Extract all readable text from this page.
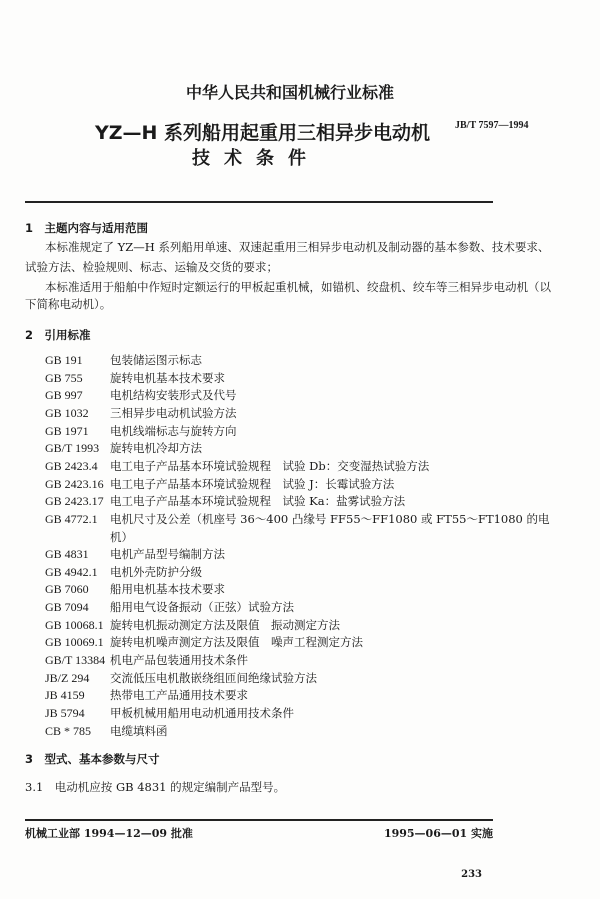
中华人民共和国机械行业标准
YZ—H 系列船用起重用三相异步电动机
技术条件
JB/T 7597—1994
1　主题内容与适用范围
本标准规定了 YZ—H 系列船用单速、双速起重用三相异步电动机及制动器的基本参数、技术要求、
试验方法、检验规则、标志、运输及交货的要求；
本标准适用于船舶中作短时定额运行的甲板起重机械，如锚机、绞盘机、绞车等三相异步电动机（以
下简称电动机）。
2　引用标准
GB 191 包装储运图示标志
GB 755 旋转电机基本技术要求
GB 997 电机结构安装形式及代号
GB 1032 三相异步电动机试验方法
GB 1971 电机线端标志与旋转方向
GB/T 1993 旋转电机冷却方法
GB 2423.4 电工电子产品基本环境试验规程　试验 Db：交变湿热试验方法
GB 2423.16 电工电子产品基本环境试验规程　试验 J：长霉试验方法
GB 2423.17 电工电子产品基本环境试验规程　试验 Ka：盐雾试验方法
GB 4772.1 电机尺寸及公差（机座号 36～400 凸缘号 FF55～FF1080 或 FT55～FT1080 的电
机）
GB 4831 电机产品型号编制方法
GB 4942.1 电机外壳防护分级
GB 7060 船用电机基本技术要求
GB 7094 船用电气设备振动（正弦）试验方法
GB 10068.1 旋转电机振动测定方法及限值　振动测定方法
GB 10069.1 旋转电机噪声测定方法及限值　噪声工程测定方法
GB/T 13384 机电产品包装通用技术条件
JB/Z 294 交流低压电机散嵌绕组匝间绝缘试验方法
JB 4159 热带电工产品通用技术要求
JB 5794 甲板机械用船用电动机通用技术条件
CB * 785 电缆填料函
3　型式、基本参数与尺寸
3.1　电动机应按 GB 4831 的规定编制产品型号。
机械工业部 1994—12—09 批准	1995—06—01 实施
233
